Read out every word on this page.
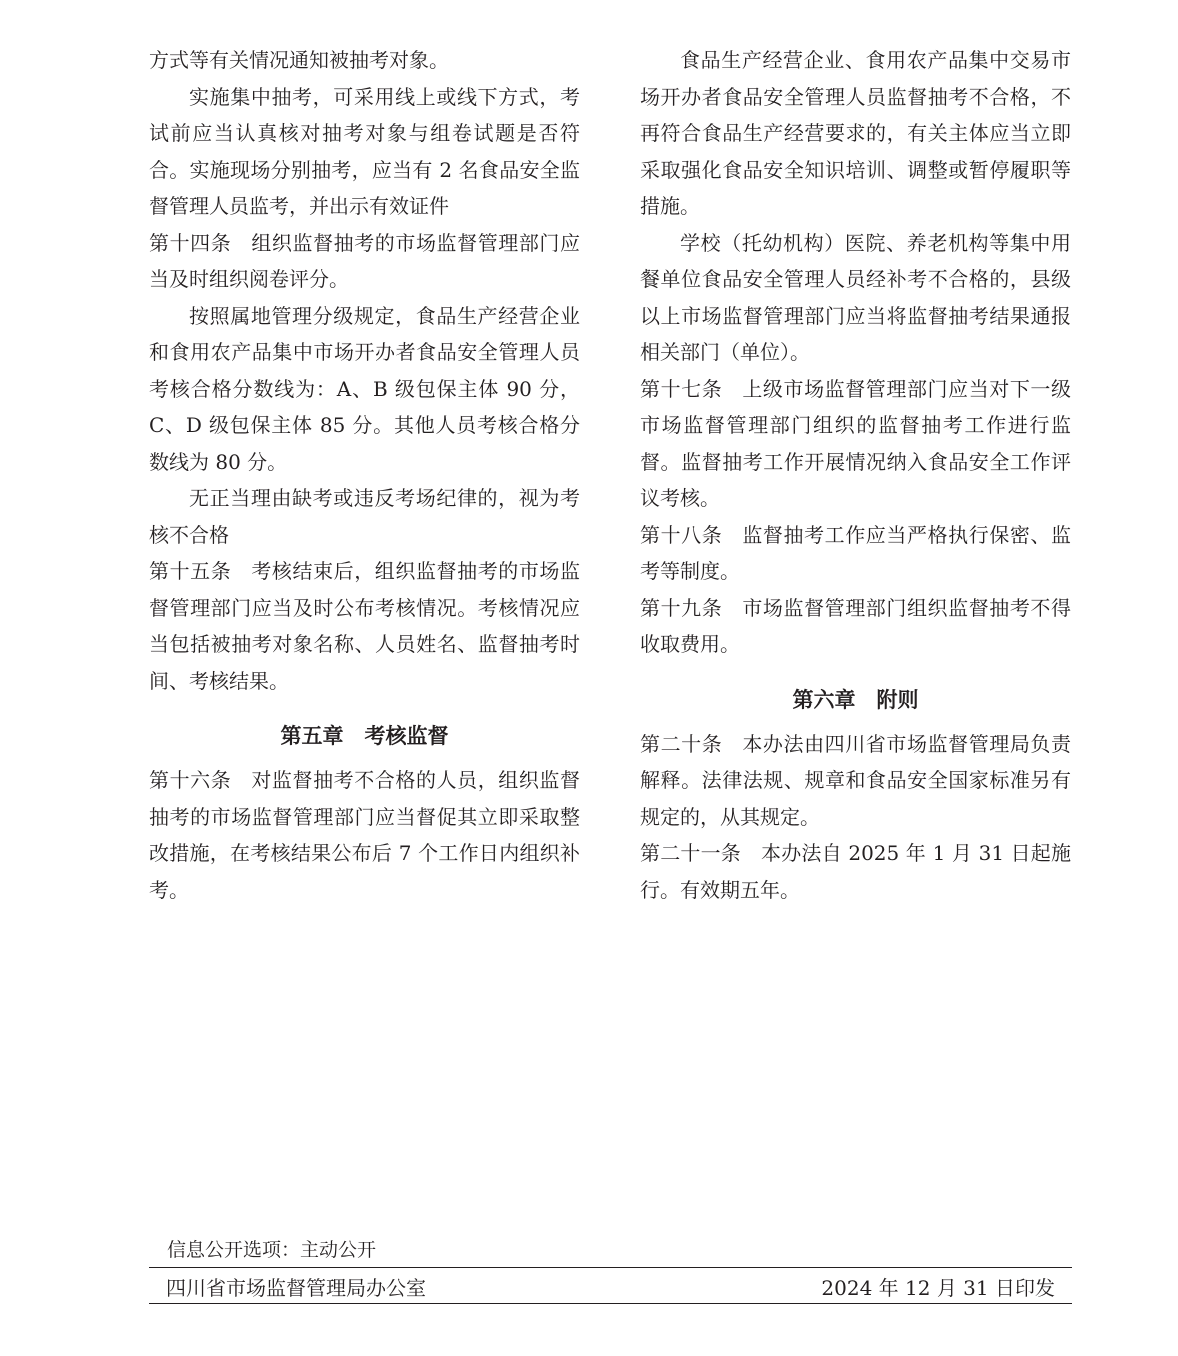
方式等有关情况通知被抽考对象。

实施集中抽考，可采用线上或线下方式，考试前应当认真核对抽考对象与组卷试题是否符合。实施现场分别抽考，应当有 2 名食品安全监督管理人员监考，并出示有效证件

第十四条 组织监督抽考的市场监督管理部门应当及时组织阅卷评分。

按照属地管理分级规定，食品生产经营企业和食用农产品集中市场开办者食品安全管理人员考核合格分数线为：A、B 级包保主体 90 分，C、D 级包保主体 85 分。其他人员考核合格分数线为 80 分。

无正当理由缺考或违反考场纪律的，视为考核不合格

第十五条 考核结束后，组织监督抽考的市场监督管理部门应当及时公布考核情况。考核情况应当包括被抽考对象名称、人员姓名、监督抽考时间、考核结果。

第五章 考核监督

第十六条 对监督抽考不合格的人员，组织监督抽考的市场监督管理部门应当督促其立即采取整改措施，在考核结果公布后 7 个工作日内组织补考。

食品生产经营企业、食用农产品集中交易市场开办者食品安全管理人员监督抽考不合格，不再符合食品生产经营要求的，有关主体应当立即采取强化食品安全知识培训、调整或暂停履职等措施。

学校（托幼机构）医院、养老机构等集中用餐单位食品安全管理人员经补考不合格的，县级以上市场监督管理部门应当将监督抽考结果通报相关部门（单位）。

第十七条 上级市场监督管理部门应当对下一级市场监督管理部门组织的监督抽考工作进行监督。监督抽考工作开展情况纳入食品安全工作评议考核。

第十八条 监督抽考工作应当严格执行保密、监考等制度。

第十九条 市场监督管理部门组织监督抽考不得收取费用。

第六章 附则

第二十条 本办法由四川省市场监督管理局负责解释。法律法规、规章和食品安全国家标准另有规定的，从其规定。

第二十一条 本办法自 2025 年 1 月 31 日起施行。有效期五年。

信息公开选项：主动公开
四川省市场监督管理局办公室	2024 年 12 月 31 日印发
